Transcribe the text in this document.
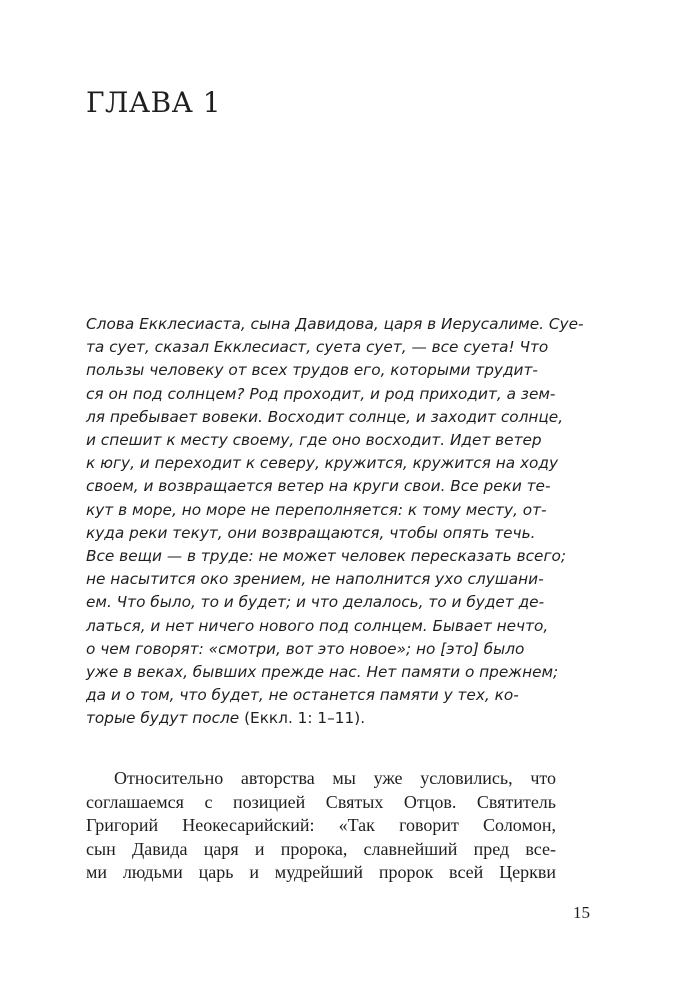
ГЛАВА 1
Слова Екклесиаста, сына Давидова, царя в Иерусалиме. Суе-
та сует, сказал Екклесиаст, суета сует, — все суета! Что
пользы человеку от всех трудов его, которыми трудит-
ся он под солнцем? Род проходит, и род приходит, а зем-
ля пребывает вовеки. Восходит солнце, и заходит солнце,
и спешит к месту своему, где оно восходит. Идет ветер
к югу, и переходит к северу, кружится, кружится на ходу
своем, и возвращается ветер на круги свои. Все реки те-
кут в море, но море не переполняется: к тому месту, от-
куда реки текут, они возвращаются, чтобы опять течь.
Все вещи — в труде: не может человек пересказать всего;
не насытится око зрением, не наполнится ухо слушани-
ем. Что было, то и будет; и что делалось, то и будет де-
латься, и нет ничего нового под солнцем. Бывает нечто,
о чем говорят: «смотри, вот это новое»; но [это] было
уже в веках, бывших прежде нас. Нет памяти о прежнем;
да и о том, что будет, не останется памяти у тех, ко-
торые будут после (Еккл. 1: 1–11).
Относительно авторства мы уже условились, что
соглашаемся с позицией Святых Отцов. Святитель
Григорий Неокесарийский: «Так говорит Соломон,
сын Давида царя и пророка, славнейший пред все-
ми людьми царь и мудрейший пророк всей Церкви
15
